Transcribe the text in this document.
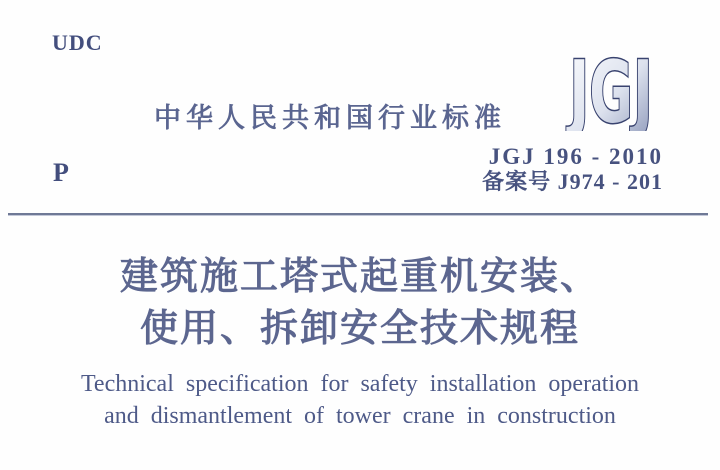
UDC
中华人民共和国行业标准 JGJ
JGJ 196 - 2010
备案号 J974 - 201
P
建筑施工塔式起重机安装、
使用、拆卸安全技术规程
Technical specification for safety installation operation
and dismantlement of tower crane in construction
